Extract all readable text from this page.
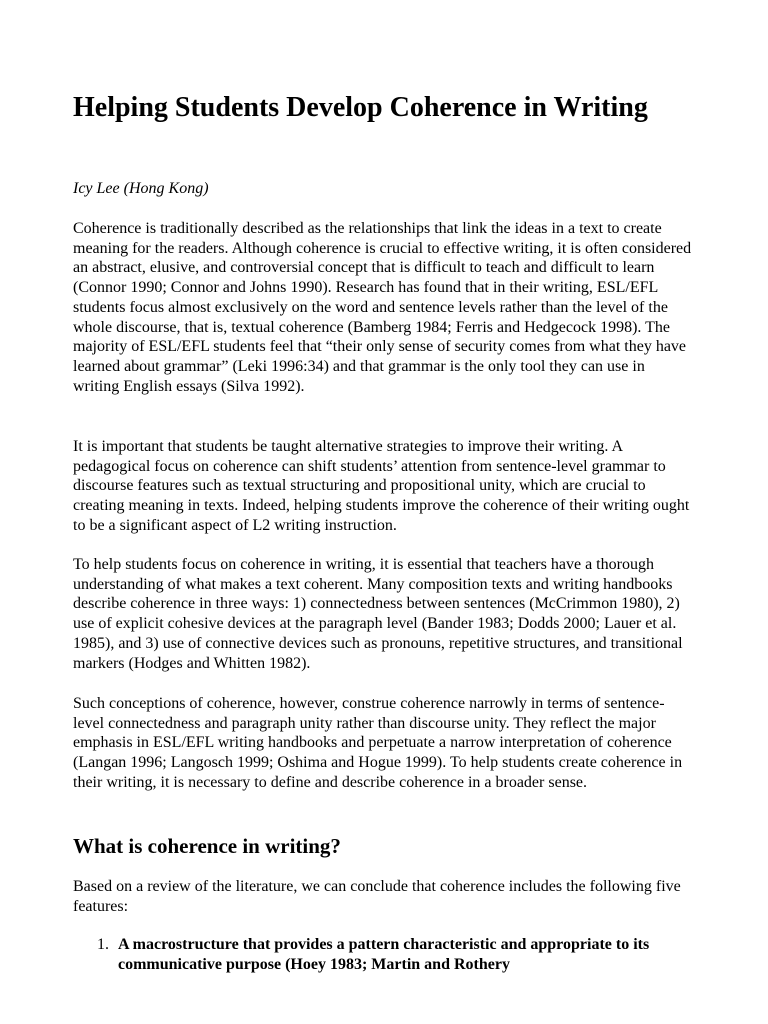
Helping Students Develop Coherence in Writing

Icy Lee (Hong Kong)

Coherence is traditionally described as the relationships that link the ideas in a text to create meaning for the readers. Although coherence is crucial to effective writing, it is often considered an abstract, elusive, and controversial concept that is difficult to teach and difficult to learn (Connor 1990; Connor and Johns 1990). Research has found that in their writing, ESL/EFL students focus almost exclusively on the word and sentence levels rather than the level of the whole discourse, that is, textual coherence (Bamberg 1984; Ferris and Hedgecock 1998). The majority of ESL/EFL students feel that “their only sense of security comes from what they have learned about grammar” (Leki 1996:34) and that grammar is the only tool they can use in writing English essays (Silva 1992).

It is important that students be taught alternative strategies to improve their writing. A pedagogical focus on coherence can shift students’ attention from sentence-level grammar to discourse features such as textual structuring and propositional unity, which are crucial to creating meaning in texts. Indeed, helping students improve the coherence of their writing ought to be a significant aspect of L2 writing instruction.

To help students focus on coherence in writing, it is essential that teachers have a thorough understanding of what makes a text coherent. Many composition texts and writing handbooks describe coherence in three ways: 1) connectedness between sentences (McCrimmon 1980), 2) use of explicit cohesive devices at the paragraph level (Bander 1983; Dodds 2000; Lauer et al. 1985), and 3) use of connective devices such as pronouns, repetitive structures, and transitional markers (Hodges and Whitten 1982).

Such conceptions of coherence, however, construe coherence narrowly in terms of sentence-level connectedness and paragraph unity rather than discourse unity. They reflect the major emphasis in ESL/EFL writing handbooks and perpetuate a narrow interpretation of coherence (Langan 1996; Langosch 1999; Oshima and Hogue 1999). To help students create coherence in their writing, it is necessary to define and describe coherence in a broader sense.

What is coherence in writing?

Based on a review of the literature, we can conclude that coherence includes the following five features:

1. A macrostructure that provides a pattern characteristic and appropriate to its communicative purpose (Hoey 1983; Martin and Rothery
